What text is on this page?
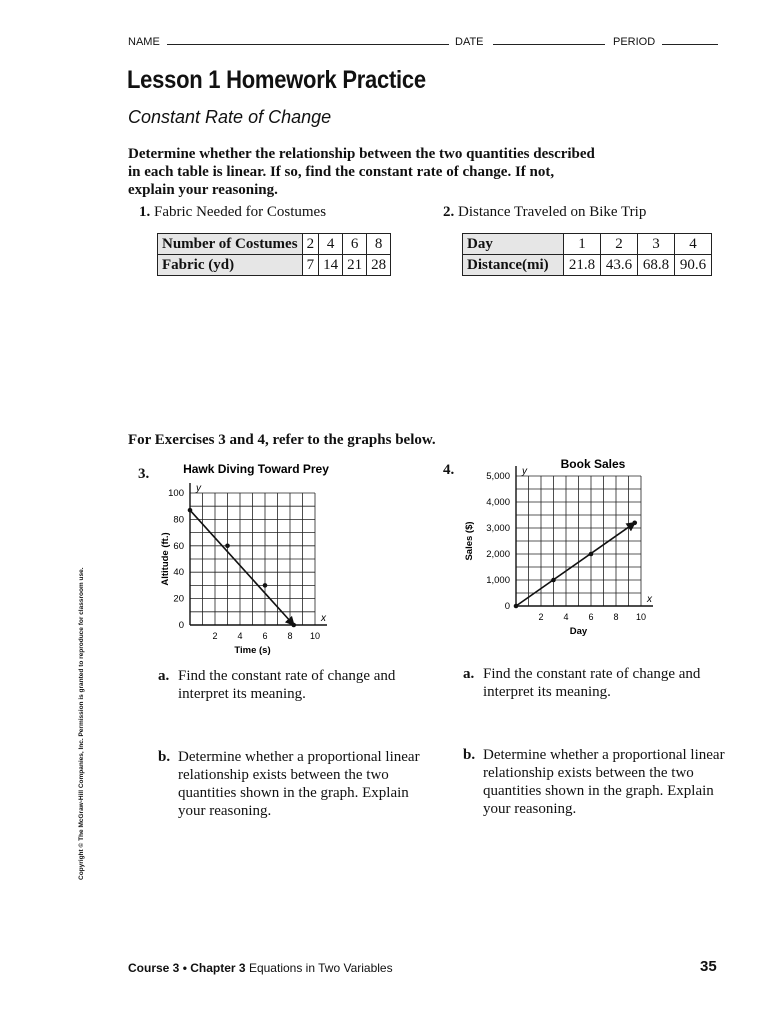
NAME	DATE	PERIOD
Lesson 1 Homework Practice
Constant Rate of Change
Determine whether the relationship between the two quantities described in each table is linear. If so, find the constant rate of change. If not, explain your reasoning.
1. Fabric Needed for Costumes
Number of Costumes	2	4	6	8
Fabric (yd)	7	14	21	28
2. Distance Traveled on Bike Trip
Day	1	2	3	4
Distance(mi)	21.8	43.6	68.8	90.6
For Exercises 3 and 4, refer to the graphs below.
3.
x
y
2 4 6 8 10
0
20
40
60
80
100
Hawk Diving Toward Prey
Time (s)
Altitude (ft.)
4.
x
y
2 4 6 8 10
0
1,000
2,000
3,000
4,000
5,000
Book Sales
Day
Sales ($)
a. Find the constant rate of change and interpret its meaning.
b. Determine whether a proportional linear relationship exists between the two quantities shown in the graph. Explain your reasoning.
a. Find the constant rate of change and interpret its meaning.
b. Determine whether a proportional linear relationship exists between the two quantities shown in the graph. Explain your reasoning.
Copyright © The McGraw-Hill Companies, Inc. Permission is granted to reproduce for classroom use.
Course 3 • Chapter 3 Equations in Two Variables	35
